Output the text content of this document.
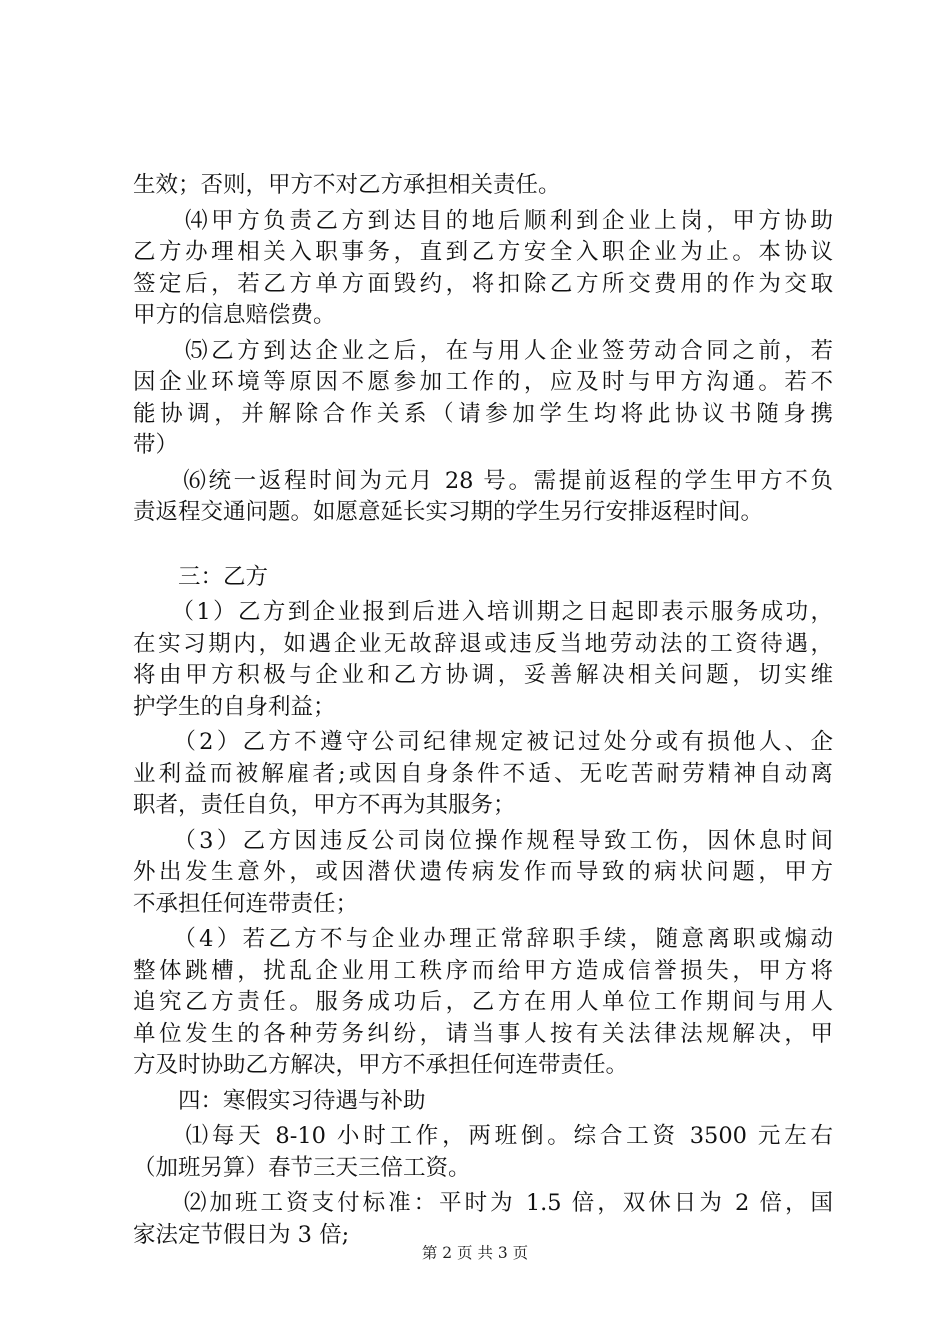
生效；否则，甲方不对乙方承担相关责任。
　　⑷甲方负责乙方到达目的地后顺利到企业上岗，甲方协助
乙方办理相关入职事务，直到乙方安全入职企业为止。本协议
签定后，若乙方单方面毁约，将扣除乙方所交费用的作为交取
甲方的信息赔偿费。
　　⑸乙方到达企业之后，在与用人企业签劳动合同之前，若
因企业环境等原因不愿参加工作的，应及时与甲方沟通。若不
能协调，并解除合作关系（请参加学生均将此协议书随身携
带）
　　⑹统一返程时间为元月 28 号。需提前返程的学生甲方不负
责返程交通问题。如愿意延长实习期的学生另行安排返程时间。
　　三：乙方
　　（1）乙方到企业报到后进入培训期之日起即表示服务成功，
在实习期内，如遇企业无故辞退或违反当地劳动法的工资待遇，
将由甲方积极与企业和乙方协调，妥善解决相关问题，切实维
护学生的自身利益；
　　（2）乙方不遵守公司纪律规定被记过处分或有损他人、企
业利益而被解雇者;或因自身条件不适、无吃苦耐劳精神自动离
职者，责任自负，甲方不再为其服务；
　　（3）乙方因违反公司岗位操作规程导致工伤，因休息时间
外出发生意外，或因潜伏遗传病发作而导致的病状问题，甲方
不承担任何连带责任；
　　（4）若乙方不与企业办理正常辞职手续，随意离职或煽动
整体跳槽，扰乱企业用工秩序而给甲方造成信誉损失，甲方将
追究乙方责任。服务成功后，乙方在用人单位工作期间与用人
单位发生的各种劳务纠纷，请当事人按有关法律法规解决，甲
方及时协助乙方解决，甲方不承担任何连带责任。
　　四：寒假实习待遇与补助
　　⑴每天 8-10 小时工作，两班倒。综合工资 3500 元左右
（加班另算）春节三天三倍工资。
　　⑵加班工资支付标准：平时为 1.5 倍，双休日为 2 倍，国
家法定节假日为 3 倍;
第 2 页 共 3 页
